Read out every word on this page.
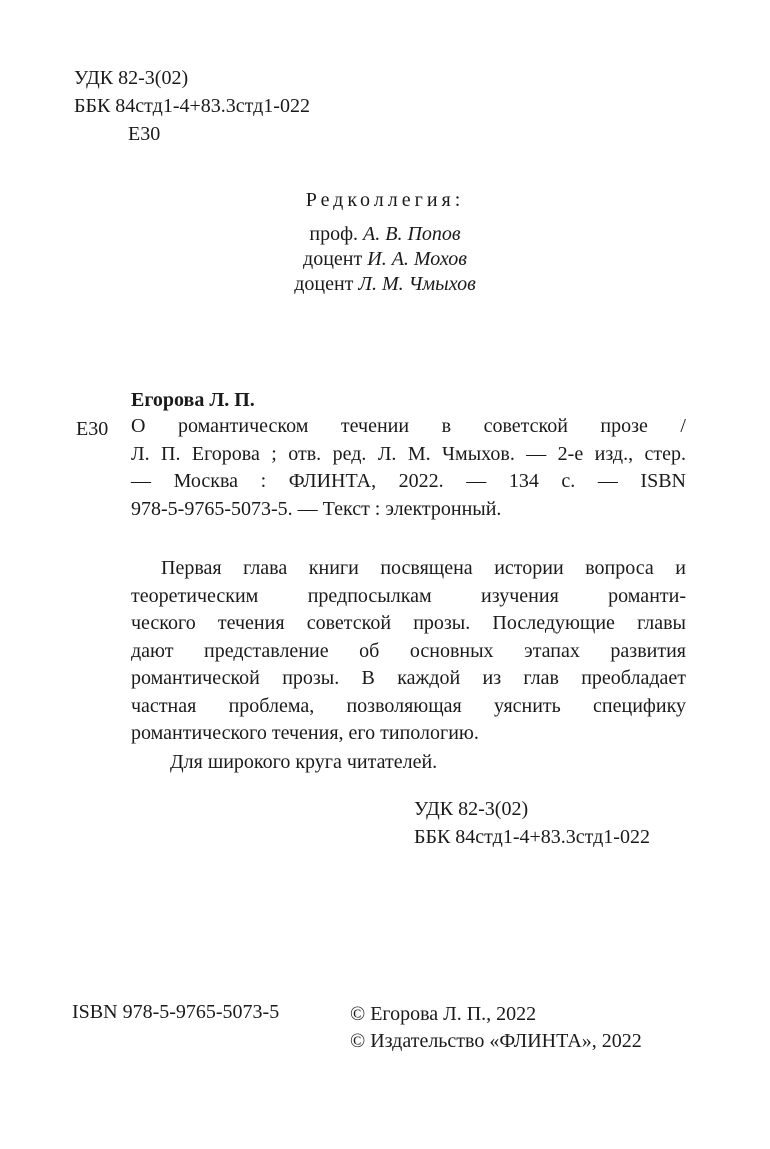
УДК 82-3(02)
ББК 84стд1-4+83.3стд1-022
Е30
Редколлегия:
проф. А. В. Попов
доцент И. А. Мохов
доцент Л. М. Чмыхов
Егорова Л. П.
Е30 О романтическом течении в советской прозе /
Л. П. Егорова ; отв. ред. Л. М. Чмыхов. — 2-е изд., стер.
— Москва : ФЛИНТА, 2022. — 134 с. — ISBN
978-5-9765-5073-5. — Текст : электронный.
Первая глава книги посвящена истории вопроса и
теоретическим предпосылкам изучения романти-
ческого течения советской прозы. Последующие главы
дают представление об основных этапах развития
романтической прозы. В каждой из глав преобладает
частная проблема, позволяющая уяснить специфику
романтического течения, его типологию.
Для широкого круга читателей.
УДК 82-3(02)
ББК 84стд1-4+83.3стд1-022
ISBN 978-5-9765-5073-5	© Егорова Л. П., 2022
© Издательство «ФЛИНТА», 2022
